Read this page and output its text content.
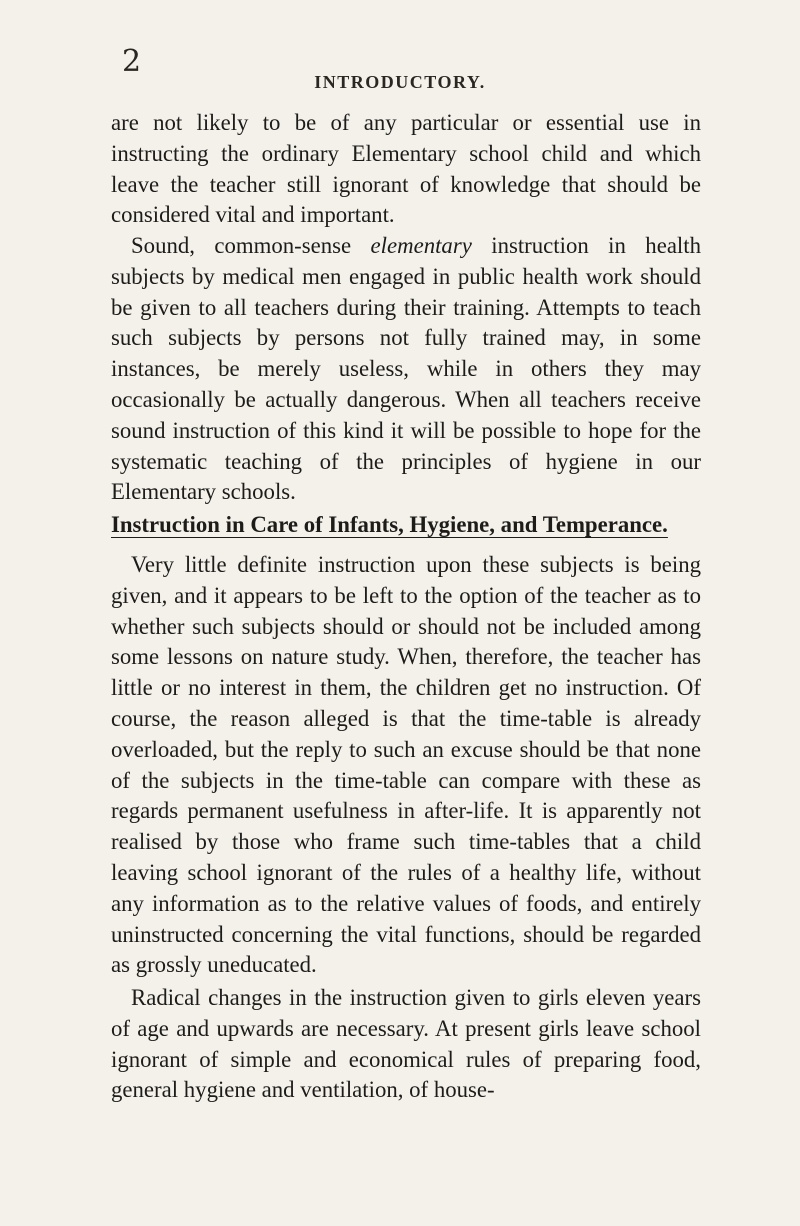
2
INTRODUCTORY.

are not likely to be of any particular or essential use in instructing the ordinary Elementary school child and which leave the teacher still ignorant of knowledge that should be considered vital and important.

Sound, common-sense elementary instruction in health subjects by medical men engaged in public health work should be given to all teachers during their training. Attempts to teach such subjects by persons not fully trained may, in some instances, be merely useless, while in others they may occasionally be actually dangerous. When all teachers receive sound instruction of this kind it will be possible to hope for the systematic teaching of the principles of hygiene in our Elementary schools.

Instruction in Care of Infants, Hygiene, and Temperance.

Very little definite instruction upon these subjects is being given, and it appears to be left to the option of the teacher as to whether such subjects should or should not be included among some lessons on nature study. When, therefore, the teacher has little or no interest in them, the children get no instruction. Of course, the reason alleged is that the time-table is already overloaded, but the reply to such an excuse should be that none of the subjects in the time-table can compare with these as regards permanent usefulness in after-life. It is apparently not realised by those who frame such time-tables that a child leaving school ignorant of the rules of a healthy life, without any information as to the relative values of foods, and entirely uninstructed concerning the vital functions, should be regarded as grossly uneducated.

Radical changes in the instruction given to girls eleven years of age and upwards are necessary. At present girls leave school ignorant of simple and economical rules of preparing food, general hygiene and ventilation, of house-
